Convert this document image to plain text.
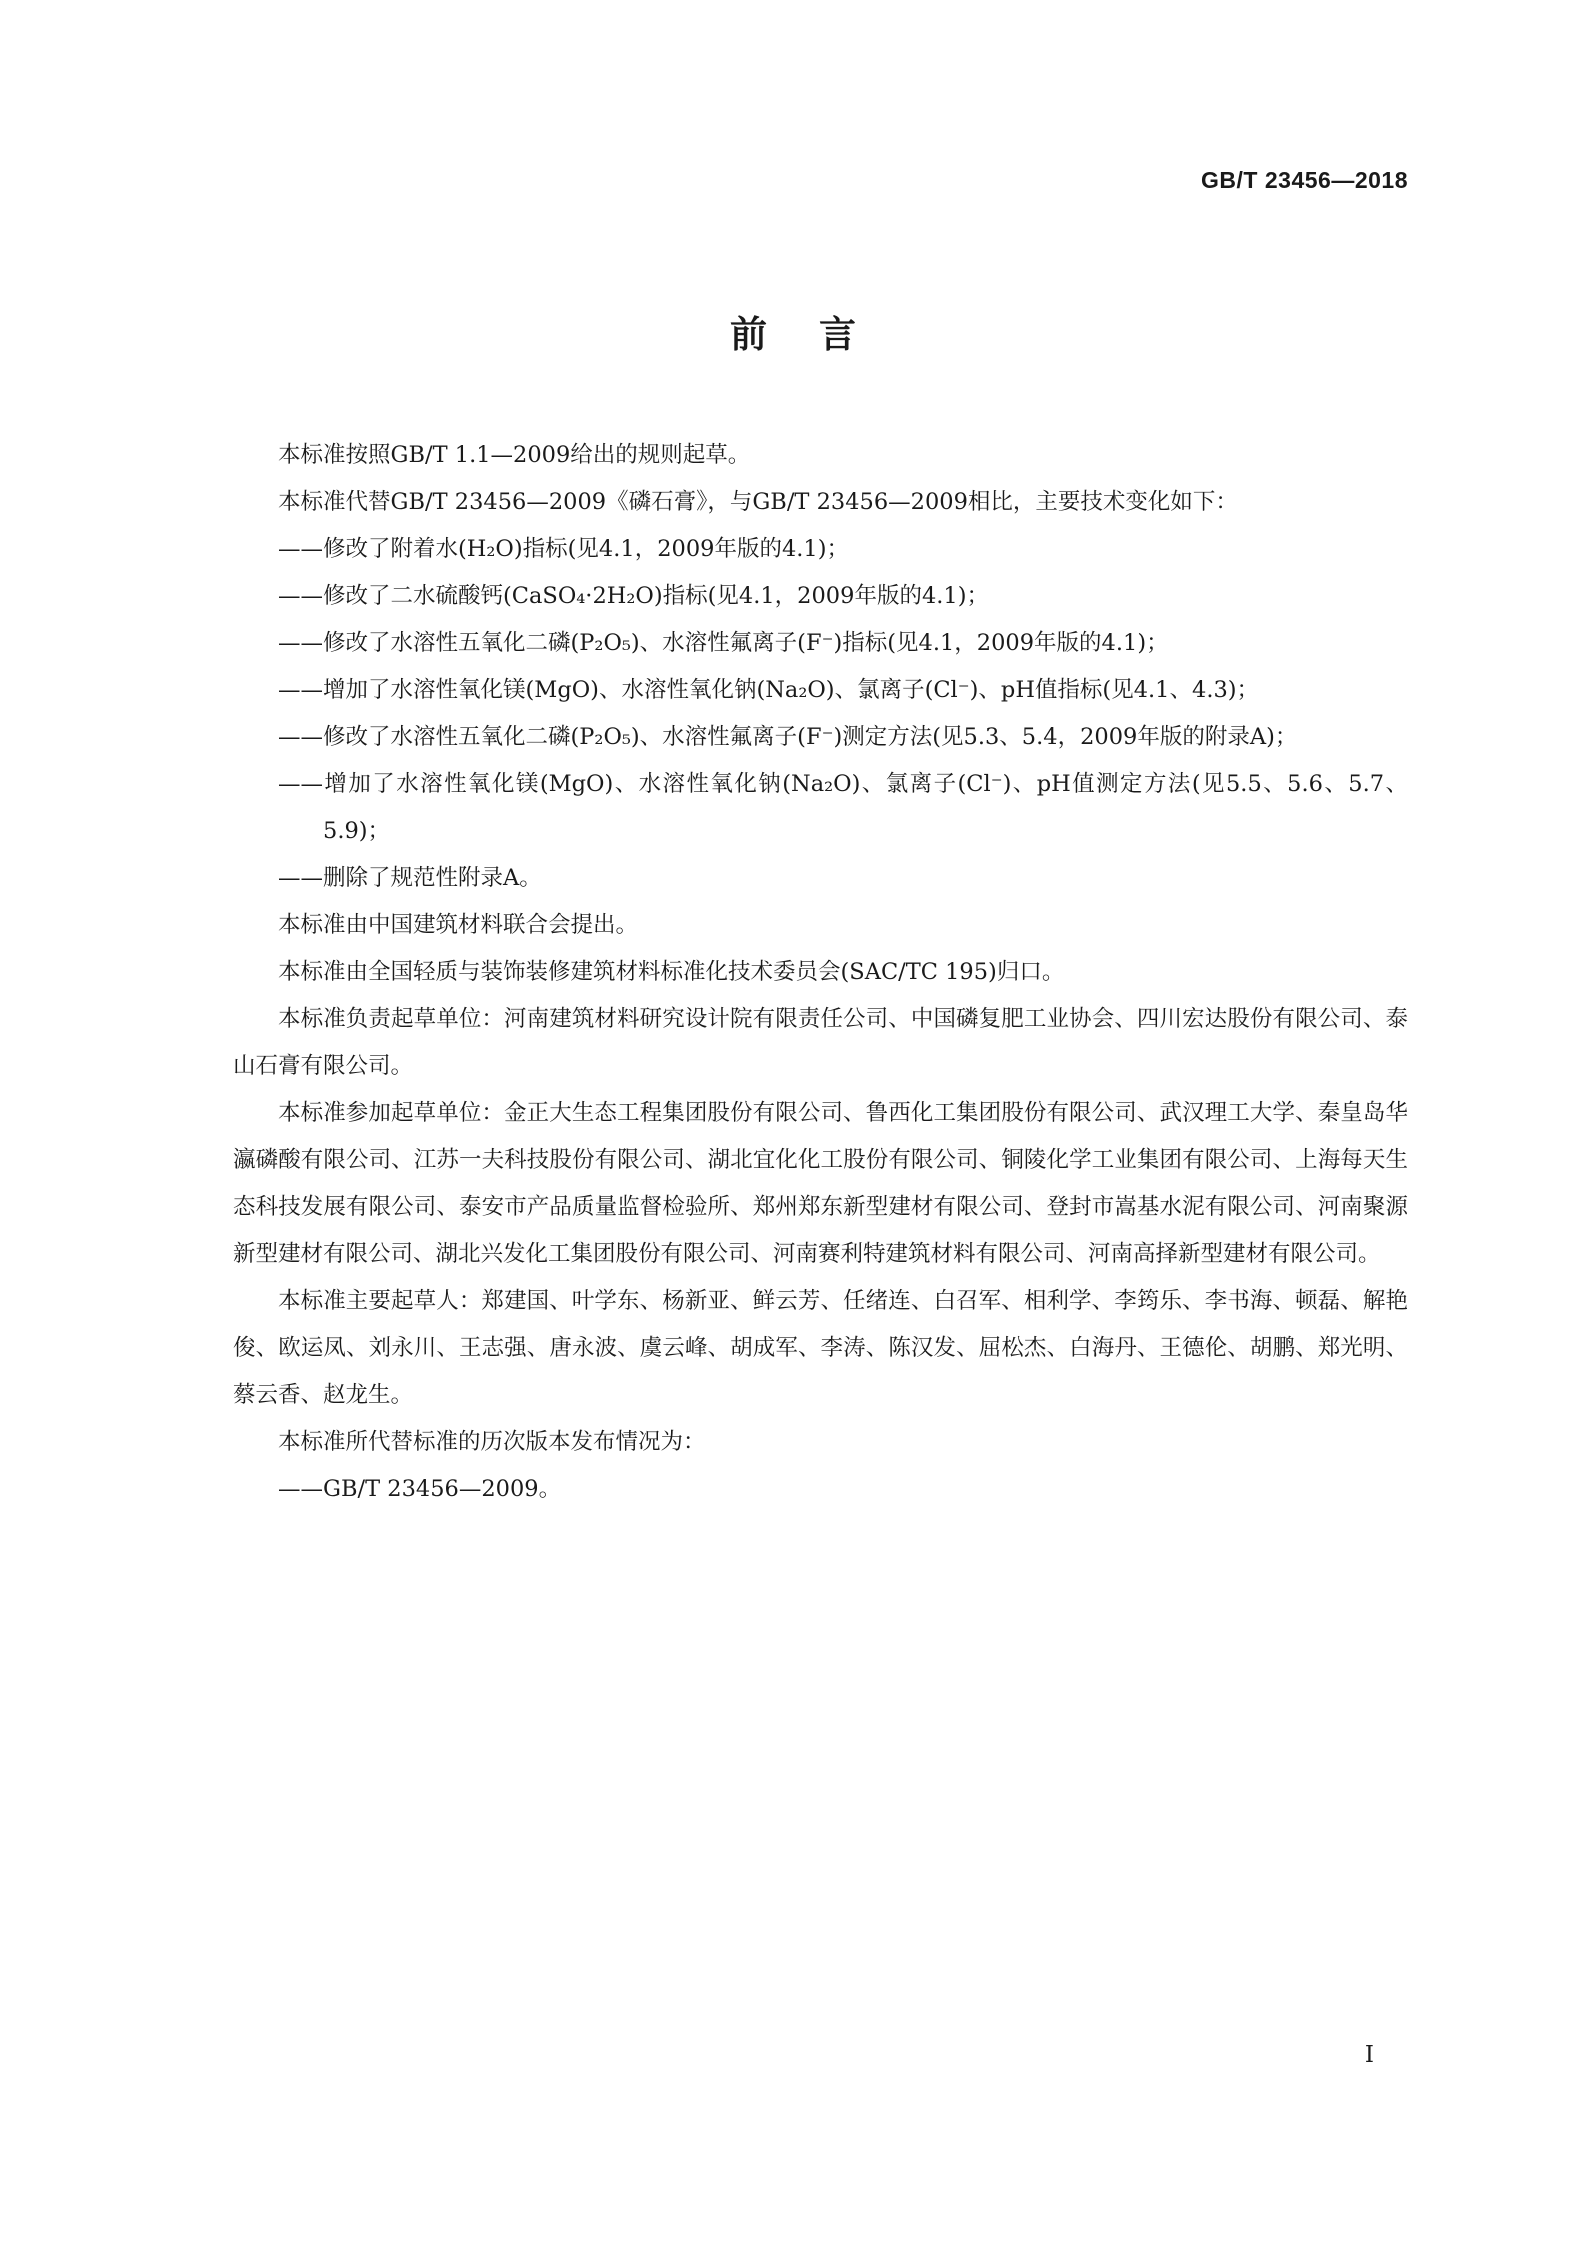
GB/T 23456—2018
前言

本标准按照GB/T 1.1—2009给出的规则起草。

本标准代替GB/T 23456—2009《磷石膏》，与GB/T 23456—2009相比，主要技术变化如下：

——修改了附着水(H₂O)指标(见4.1，2009年版的4.1)；

——修改了二水硫酸钙(CaSO₄·2H₂O)指标(见4.1，2009年版的4.1)；

——修改了水溶性五氧化二磷(P₂O₅)、水溶性氟离子(F⁻)指标(见4.1，2009年版的4.1)；

——增加了水溶性氧化镁(MgO)、水溶性氧化钠(Na₂O)、氯离子(Cl⁻)、pH值指标(见4.1、4.3)；

——修改了水溶性五氧化二磷(P₂O₅)、水溶性氟离子(F⁻)测定方法(见5.3、5.4，2009年版的附录A)；

——增加了水溶性氧化镁(MgO)、水溶性氧化钠(Na₂O)、氯离子(Cl⁻)、pH值测定方法(见5.5、5.6、5.7、5.9)；

——删除了规范性附录A。

本标准由中国建筑材料联合会提出。

本标准由全国轻质与装饰装修建筑材料标准化技术委员会(SAC/TC 195)归口。

本标准负责起草单位：河南建筑材料研究设计院有限责任公司、中国磷复肥工业协会、四川宏达股份有限公司、泰山石膏有限公司。

本标准参加起草单位：金正大生态工程集团股份有限公司、鲁西化工集团股份有限公司、武汉理工大学、秦皇岛华瀛磷酸有限公司、江苏一夫科技股份有限公司、湖北宜化化工股份有限公司、铜陵化学工业集团有限公司、上海每天生态科技发展有限公司、泰安市产品质量监督检验所、郑州郑东新型建材有限公司、登封市嵩基水泥有限公司、河南聚源新型建材有限公司、湖北兴发化工集团股份有限公司、河南赛利特建筑材料有限公司、河南高择新型建材有限公司。

本标准主要起草人：郑建国、叶学东、杨新亚、鲜云芳、任绪连、白召军、相利学、李筠乐、李书海、顿磊、解艳俊、欧运凤、刘永川、王志强、唐永波、虞云峰、胡成军、李涛、陈汉发、屈松杰、白海丹、王德伦、胡鹏、郑光明、蔡云香、赵龙生。

本标准所代替标准的历次版本发布情况为：

——GB/T 23456—2009。

I
